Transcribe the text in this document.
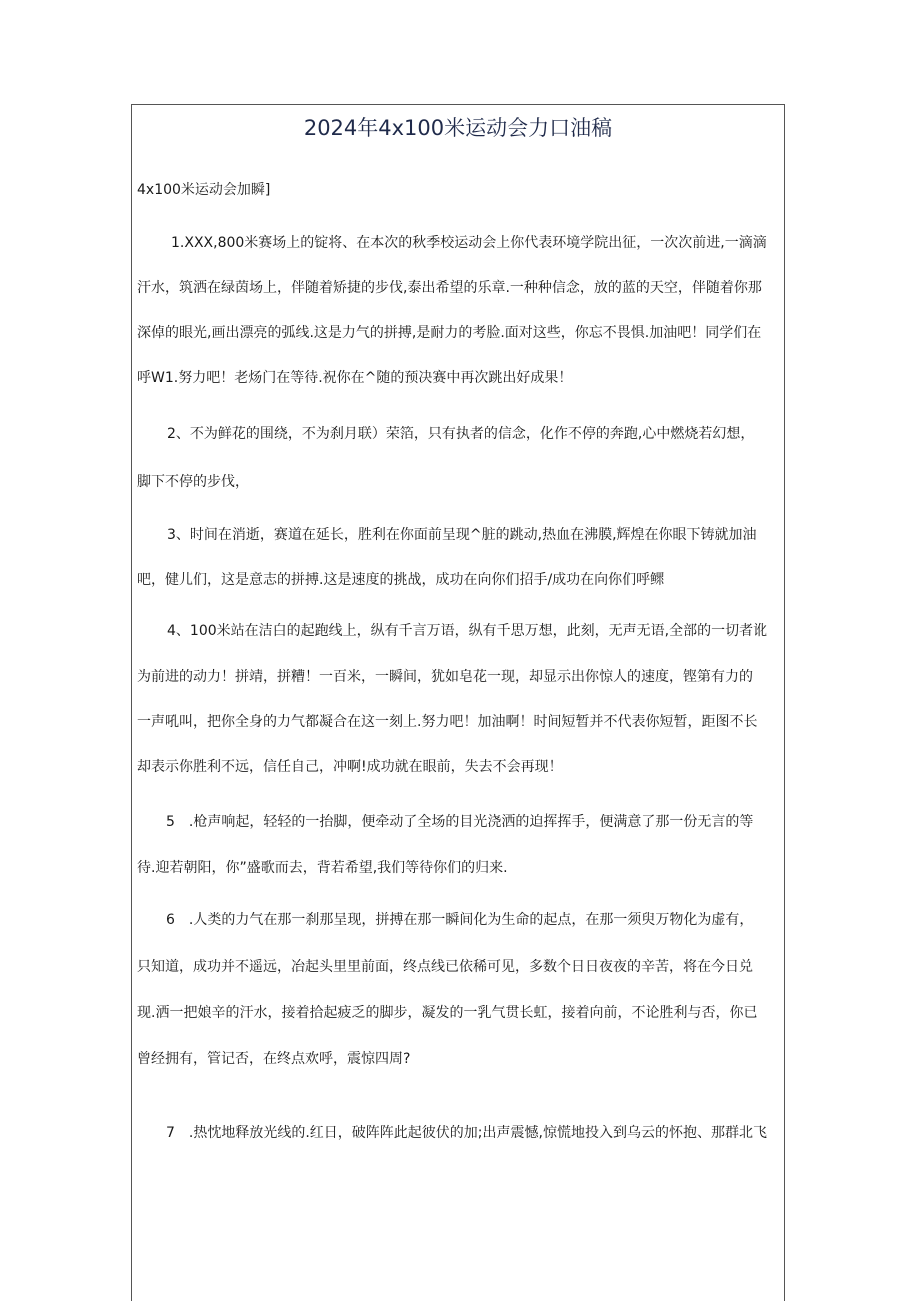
2024年4x100米运动会力口油稿
4x100米运动会加瞬]
1.XXX,800米赛场上的锭将、在本次的秋季校运动会上你代表环境学院出征，一次次前进,一滴滴
汗水，筑洒在绿茵场上，伴随着矫捷的步伐,泰出希望的乐章.一种种信念，放的蓝的天空，伴随着你那
深倬的眼光,画出漂亮的弧线.这是力气的拼搏,是耐力的考脸.面对这些，你忘不畏惧.加油吧！同学们在
呼W1.努力吧！老炀门在等待.祝你在^随的预决赛中再次跳出好成果！
2、不为鲜花的围绕，不为刹月联）荣箔，只有执者的信念，化作不停的奔跑,心中燃烧若幻想，
脚下不停的步伐，
3、时间在消逝，赛道在延长，胜利在你面前呈现^脏的跳动,热血在沸膜,辉煌在你眼下铸就加油
吧，健儿们，这是意志的拼搏.这是速度的挑战，成功在向你们招手/成功在向你们呼鳏
4、100米站在洁白的起跑线上，纵有千言万语，纵有千思万想，此刻，无声无语,全部的一切者讹
为前进的动力！拼靖，拼糟！一百米，一瞬间，犹如皂花一现，却显示出你惊人的速度，铿第有力的
一声吼叫，把你全身的力气都凝合在这一刻上.努力吧！加油啊！时间短暂并不代表你短暂，距图不长
却表示你胜利不远，信任自己，冲啊!成功就在眼前，失去不会再现！
5　.枪声响起，轻轻的一抬脚，便牵动了全场的目光浇洒的迫挥挥手，便满意了那一份无言的等
待.迎若朝阳，你”盛歌而去，背若希望,我们等待你们的归来.
6　.人类的力气在那一刹那呈现，拼搏在那一瞬间化为生命的起点，在那一须臾万物化为虚有，
只知道，成功并不遥远，冶起头里里前面，终点线已依稀可见，多数个日日夜夜的辛苦，将在今日兑
现.洒一把娘辛的汗水，接着拾起疲乏的脚步，凝发的一乳气贯长虹，接着向前，不论胜利与否，你已
曾经拥有，管记否，在终点欢呼，震惊四周?
7　.热忱地释放光线的.红日，破阵阵此起彼伏的加;出声震憾,惊慌地投入到乌云的怀抱、那群北飞
